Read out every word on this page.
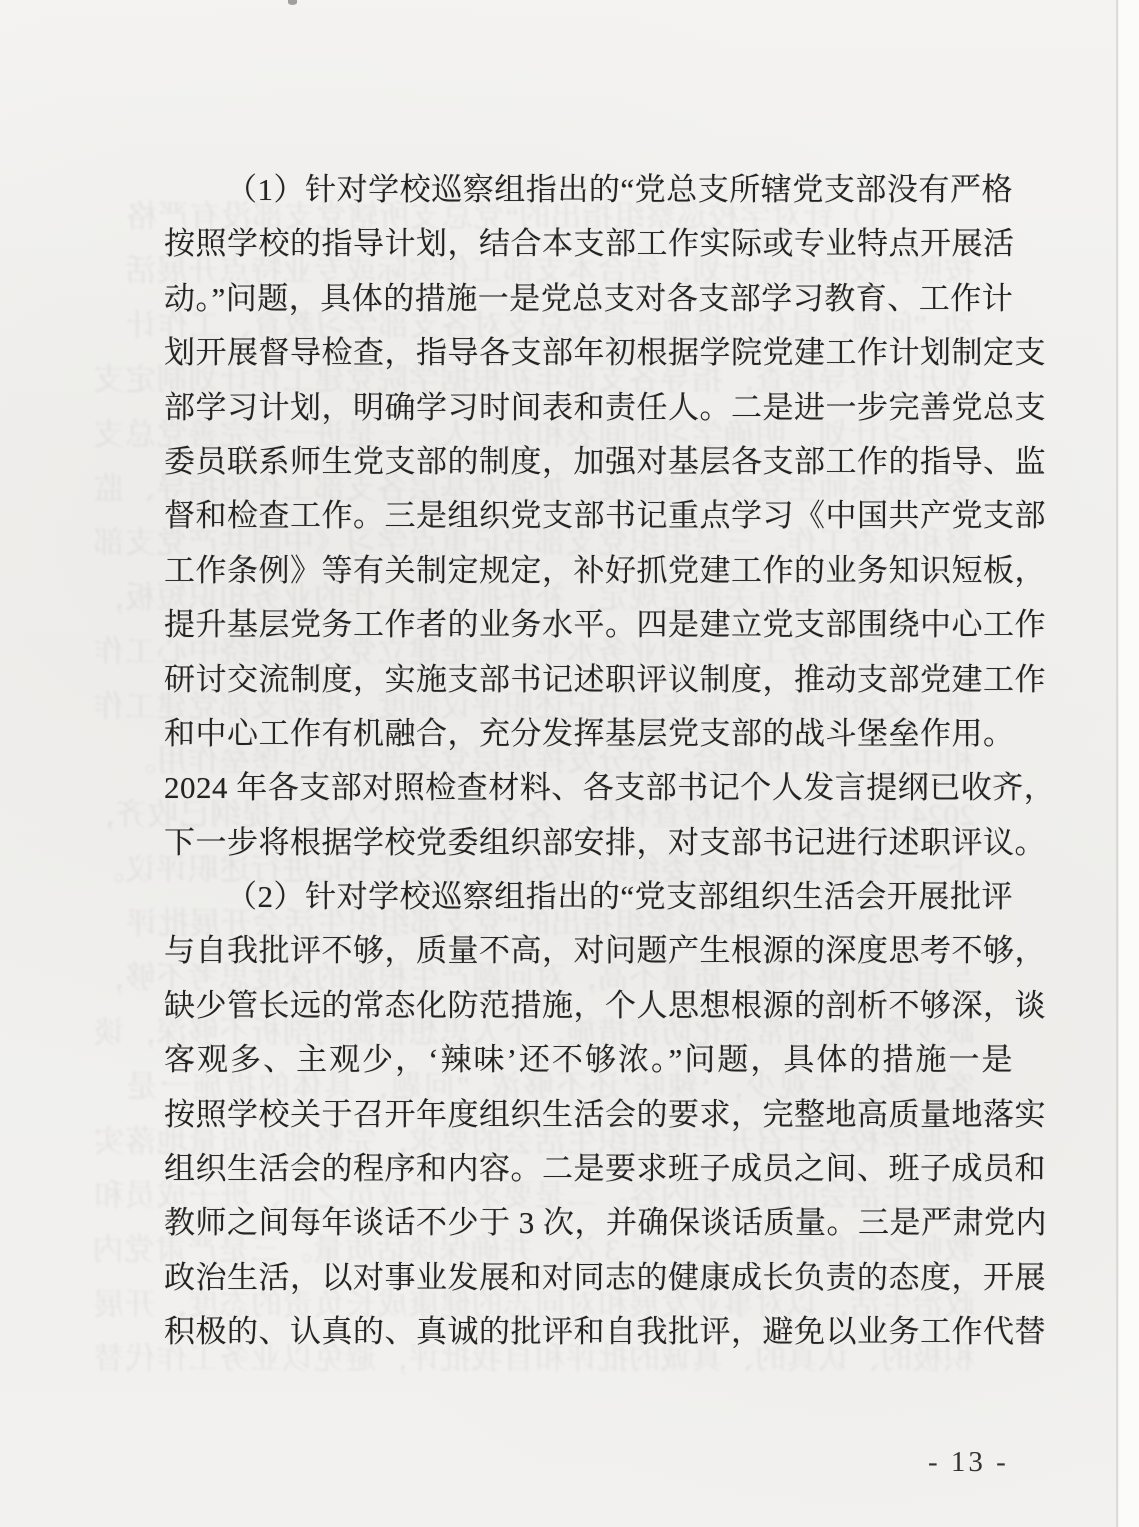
（1）针对学校巡察组指出的“党总支所辖党支部没有严格
按照学校的指导计划，结合本支部工作实际或专业特点开展活
动。”问题，具体的措施一是党总支对各支部学习教育、工作计
划开展督导检查，指导各支部年初根据学院党建工作计划制定支
部学习计划，明确学习时间表和责任人。二是进一步完善党总支
委员联系师生党支部的制度，加强对基层各支部工作的指导、监
督和检查工作。三是组织党支部书记重点学习《中国共产党支部
工作条例》等有关制定规定，补好抓党建工作的业务知识短板，
提升基层党务工作者的业务水平。四是建立党支部围绕中心工作
研讨交流制度，实施支部书记述职评议制度，推动支部党建工作
和中心工作有机融合，充分发挥基层党支部的战斗堡垒作用。
2024 年各支部对照检查材料、各支部书记个人发言提纲已收齐，
下一步将根据学校党委组织部安排，对支部书记进行述职评议。
（2）针对学校巡察组指出的“党支部组织生活会开展批评
与自我批评不够，质量不高，对问题产生根源的深度思考不够，
缺少管长远的常态化防范措施，个人思想根源的剖析不够深，谈
客观多、主观少，‘辣味’还不够浓。”问题，具体的措施一是
按照学校关于召开年度组织生活会的要求，完整地高质量地落实
组织生活会的程序和内容。二是要求班子成员之间、班子成员和
教师之间每年谈话不少于 3 次，并确保谈话质量。三是严肃党内
政治生活，以对事业发展和对同志的健康成长负责的态度，开展
积极的、认真的、真诚的批评和自我批评，避免以业务工作代替
（1）针对学校巡察组指出的“党总支所辖党支部没有严格
按照学校的指导计划，结合本支部工作实际或专业特点开展活
动。”问题，具体的措施一是党总支对各支部学习教育、工作计
划开展督导检查，指导各支部年初根据学院党建工作计划制定支
部学习计划，明确学习时间表和责任人。二是进一步完善党总支
委员联系师生党支部的制度，加强对基层各支部工作的指导、监
督和检查工作。三是组织党支部书记重点学习《中国共产党支部
工作条例》等有关制定规定，补好抓党建工作的业务知识短板，
提升基层党务工作者的业务水平。四是建立党支部围绕中心工作
研讨交流制度，实施支部书记述职评议制度，推动支部党建工作
和中心工作有机融合，充分发挥基层党支部的战斗堡垒作用。
2024 年各支部对照检查材料、各支部书记个人发言提纲已收齐，
下一步将根据学校党委组织部安排，对支部书记进行述职评议。
（2）针对学校巡察组指出的“党支部组织生活会开展批评
与自我批评不够，质量不高，对问题产生根源的深度思考不够，
缺少管长远的常态化防范措施，个人思想根源的剖析不够深，谈
客观多、主观少，‘辣味’还不够浓。”问题，具体的措施一是
按照学校关于召开年度组织生活会的要求，完整地高质量地落实
组织生活会的程序和内容。二是要求班子成员之间、班子成员和
教师之间每年谈话不少于 3 次，并确保谈话质量。三是严肃党内
政治生活，以对事业发展和对同志的健康成长负责的态度，开展
积极的、认真的、真诚的批评和自我批评，避免以业务工作代替
- 13 -
